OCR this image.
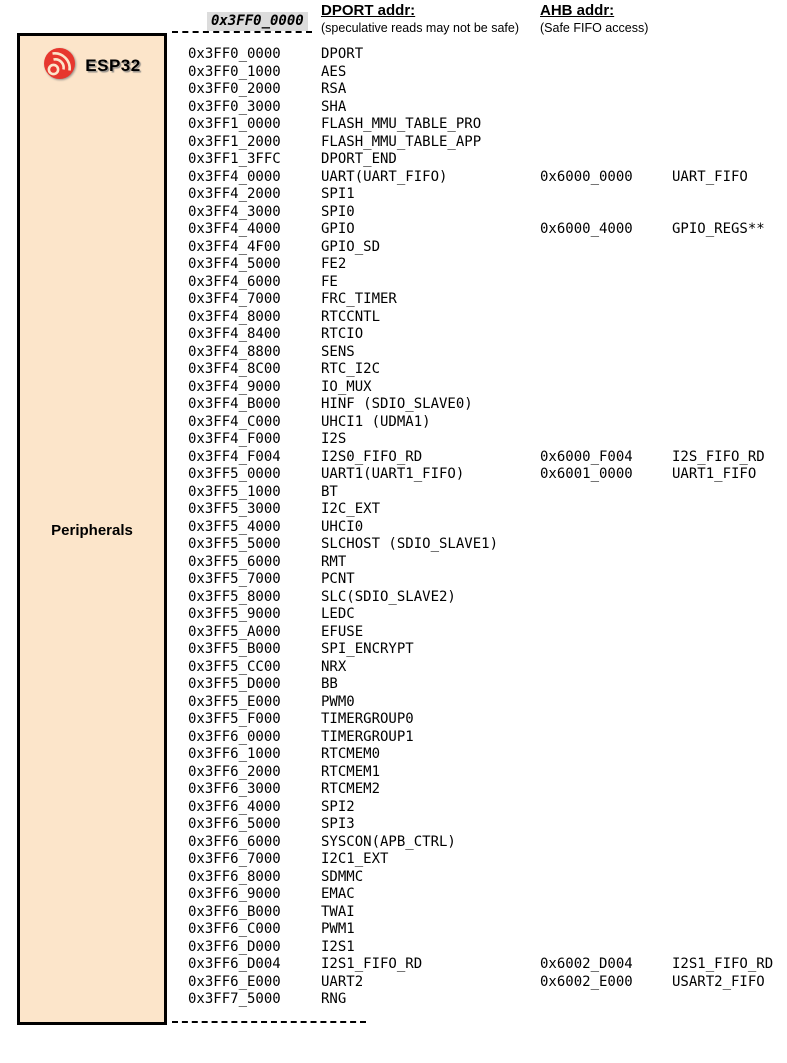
0x3FF0_0000
DPORT addr:
(speculative reads may not be safe)
AHB addr:
(Safe FIFO access)
ESP32
Peripherals
0x3FF0_0000	DPORT
0x3FF0_1000	AES
0x3FF0_2000	RSA
0x3FF0_3000	SHA
0x3FF1_0000	FLASH_MMU_TABLE_PRO
0x3FF1_2000	FLASH_MMU_TABLE_APP
0x3FF1_3FFC	DPORT_END
0x3FF4_0000	UART(UART_FIFO)	0x6000_0000	UART_FIFO
0x3FF4_2000	SPI1
0x3FF4_3000	SPI0
0x3FF4_4000	GPIO	0x6000_4000	GPIO_REGS**
0x3FF4_4F00	GPIO_SD
0x3FF4_5000	FE2
0x3FF4_6000	FE
0x3FF4_7000	FRC_TIMER
0x3FF4_8000	RTCCNTL
0x3FF4_8400	RTCIO
0x3FF4_8800	SENS
0x3FF4_8C00	RTC_I2C
0x3FF4_9000	IO_MUX
0x3FF4_B000	HINF (SDIO_SLAVE0)
0x3FF4_C000	UHCI1 (UDMA1)
0x3FF4_F000	I2S
0x3FF4_F004	I2S0_FIFO_RD	0x6000_F004	I2S_FIFO_RD
0x3FF5_0000	UART1(UART1_FIFO)	0x6001_0000	UART1_FIFO
0x3FF5_1000	BT
0x3FF5_3000	I2C_EXT
0x3FF5_4000	UHCI0
0x3FF5_5000	SLCHOST (SDIO_SLAVE1)
0x3FF5_6000	RMT
0x3FF5_7000	PCNT
0x3FF5_8000	SLC(SDIO_SLAVE2)
0x3FF5_9000	LEDC
0x3FF5_A000	EFUSE
0x3FF5_B000	SPI_ENCRYPT
0x3FF5_CC00	NRX
0x3FF5_D000	BB
0x3FF5_E000	PWM0
0x3FF5_F000	TIMERGROUP0
0x3FF6_0000	TIMERGROUP1
0x3FF6_1000	RTCMEM0
0x3FF6_2000	RTCMEM1
0x3FF6_3000	RTCMEM2
0x3FF6_4000	SPI2
0x3FF6_5000	SPI3
0x3FF6_6000	SYSCON(APB_CTRL)
0x3FF6_7000	I2C1_EXT
0x3FF6_8000	SDMMC
0x3FF6_9000	EMAC
0x3FF6_B000	TWAI
0x3FF6_C000	PWM1
0x3FF6_D000	I2S1
0x3FF6_D004	I2S1_FIFO_RD	0x6002_D004	I2S1_FIFO_RD
0x3FF6_E000	UART2	0x6002_E000	USART2_FIFO
0x3FF7_5000	RNG
